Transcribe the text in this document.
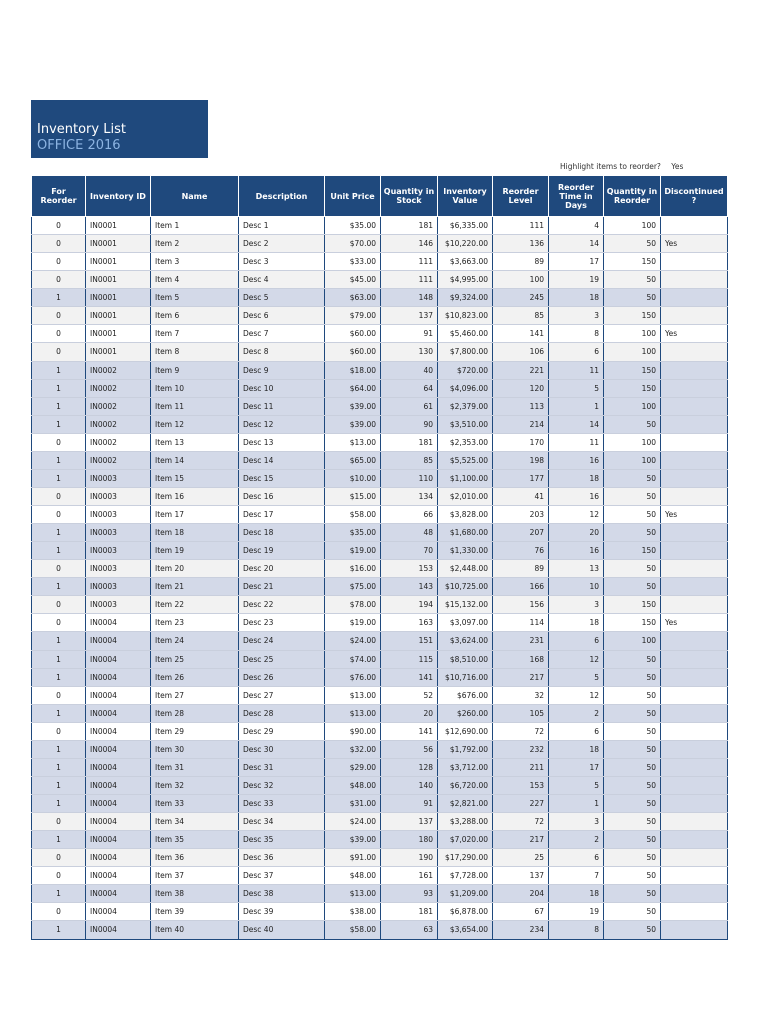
Inventory List
OFFICE 2016
Highlight items to reorder? Yes
For Reorder	Inventory ID	Name	Description	Unit Price	Quantity in Stock	Inventory Value	Reorder Level	Reorder Time in Days	Quantity in Reorder	Discontinued ?
0	IN0001	Item 1	Desc 1	$35.00	181	$6,335.00	111	4	100	
0	IN0001	Item 2	Desc 2	$70.00	146	$10,220.00	136	14	50	Yes
0	IN0001	Item 3	Desc 3	$33.00	111	$3,663.00	89	17	150	
0	IN0001	Item 4	Desc 4	$45.00	111	$4,995.00	100	19	50	
1	IN0001	Item 5	Desc 5	$63.00	148	$9,324.00	245	18	50	
0	IN0001	Item 6	Desc 6	$79.00	137	$10,823.00	85	3	150	
0	IN0001	Item 7	Desc 7	$60.00	91	$5,460.00	141	8	100	Yes
0	IN0001	Item 8	Desc 8	$60.00	130	$7,800.00	106	6	100	
1	IN0002	Item 9	Desc 9	$18.00	40	$720.00	221	11	150	
1	IN0002	Item 10	Desc 10	$64.00	64	$4,096.00	120	5	150	
1	IN0002	Item 11	Desc 11	$39.00	61	$2,379.00	113	1	100	
1	IN0002	Item 12	Desc 12	$39.00	90	$3,510.00	214	14	50	
0	IN0002	Item 13	Desc 13	$13.00	181	$2,353.00	170	11	100	
1	IN0002	Item 14	Desc 14	$65.00	85	$5,525.00	198	16	100	
1	IN0003	Item 15	Desc 15	$10.00	110	$1,100.00	177	18	50	
0	IN0003	Item 16	Desc 16	$15.00	134	$2,010.00	41	16	50	
0	IN0003	Item 17	Desc 17	$58.00	66	$3,828.00	203	12	50	Yes
1	IN0003	Item 18	Desc 18	$35.00	48	$1,680.00	207	20	50	
1	IN0003	Item 19	Desc 19	$19.00	70	$1,330.00	76	16	150	
0	IN0003	Item 20	Desc 20	$16.00	153	$2,448.00	89	13	50	
1	IN0003	Item 21	Desc 21	$75.00	143	$10,725.00	166	10	50	
0	IN0003	Item 22	Desc 22	$78.00	194	$15,132.00	156	3	150	
0	IN0004	Item 23	Desc 23	$19.00	163	$3,097.00	114	18	150	Yes
1	IN0004	Item 24	Desc 24	$24.00	151	$3,624.00	231	6	100	
1	IN0004	Item 25	Desc 25	$74.00	115	$8,510.00	168	12	50	
1	IN0004	Item 26	Desc 26	$76.00	141	$10,716.00	217	5	50	
0	IN0004	Item 27	Desc 27	$13.00	52	$676.00	32	12	50	
1	IN0004	Item 28	Desc 28	$13.00	20	$260.00	105	2	50	
0	IN0004	Item 29	Desc 29	$90.00	141	$12,690.00	72	6	50	
1	IN0004	Item 30	Desc 30	$32.00	56	$1,792.00	232	18	50	
1	IN0004	Item 31	Desc 31	$29.00	128	$3,712.00	211	17	50	
1	IN0004	Item 32	Desc 32	$48.00	140	$6,720.00	153	5	50	
1	IN0004	Item 33	Desc 33	$31.00	91	$2,821.00	227	1	50	
0	IN0004	Item 34	Desc 34	$24.00	137	$3,288.00	72	3	50	
1	IN0004	Item 35	Desc 35	$39.00	180	$7,020.00	217	2	50	
0	IN0004	Item 36	Desc 36	$91.00	190	$17,290.00	25	6	50	
0	IN0004	Item 37	Desc 37	$48.00	161	$7,728.00	137	7	50	
1	IN0004	Item 38	Desc 38	$13.00	93	$1,209.00	204	18	50	
0	IN0004	Item 39	Desc 39	$38.00	181	$6,878.00	67	19	50	
1	IN0004	Item 40	Desc 40	$58.00	63	$3,654.00	234	8	50	
